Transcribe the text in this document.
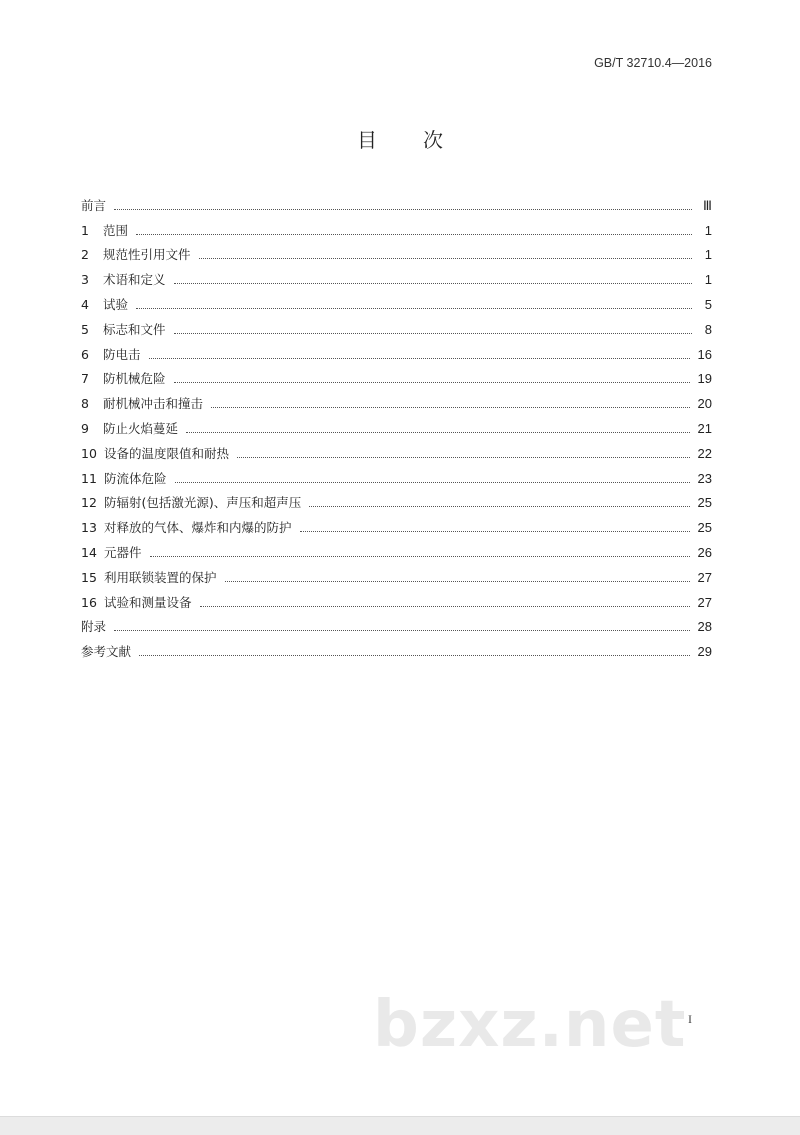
GB/T 32710.4—2016
目次
前言	Ⅲ
1	范围	1
2	规范性引用文件	1
3	术语和定义	1
4	试验	5
5	标志和文件	8
6	防电击	16
7	防机械危险	19
8	耐机械冲击和撞击	20
9	防止火焰蔓延	21
10 设备的温度限值和耐热	22
11 防流体危险	23
12 防辐射(包括激光源)、声压和超声压	25
13 对释放的气体、爆炸和内爆的防护	25
14 元器件	26
15 利用联锁装置的保护	27
16 试验和测量设备	27
附录	28
参考文献	29
I
bzxz.net
